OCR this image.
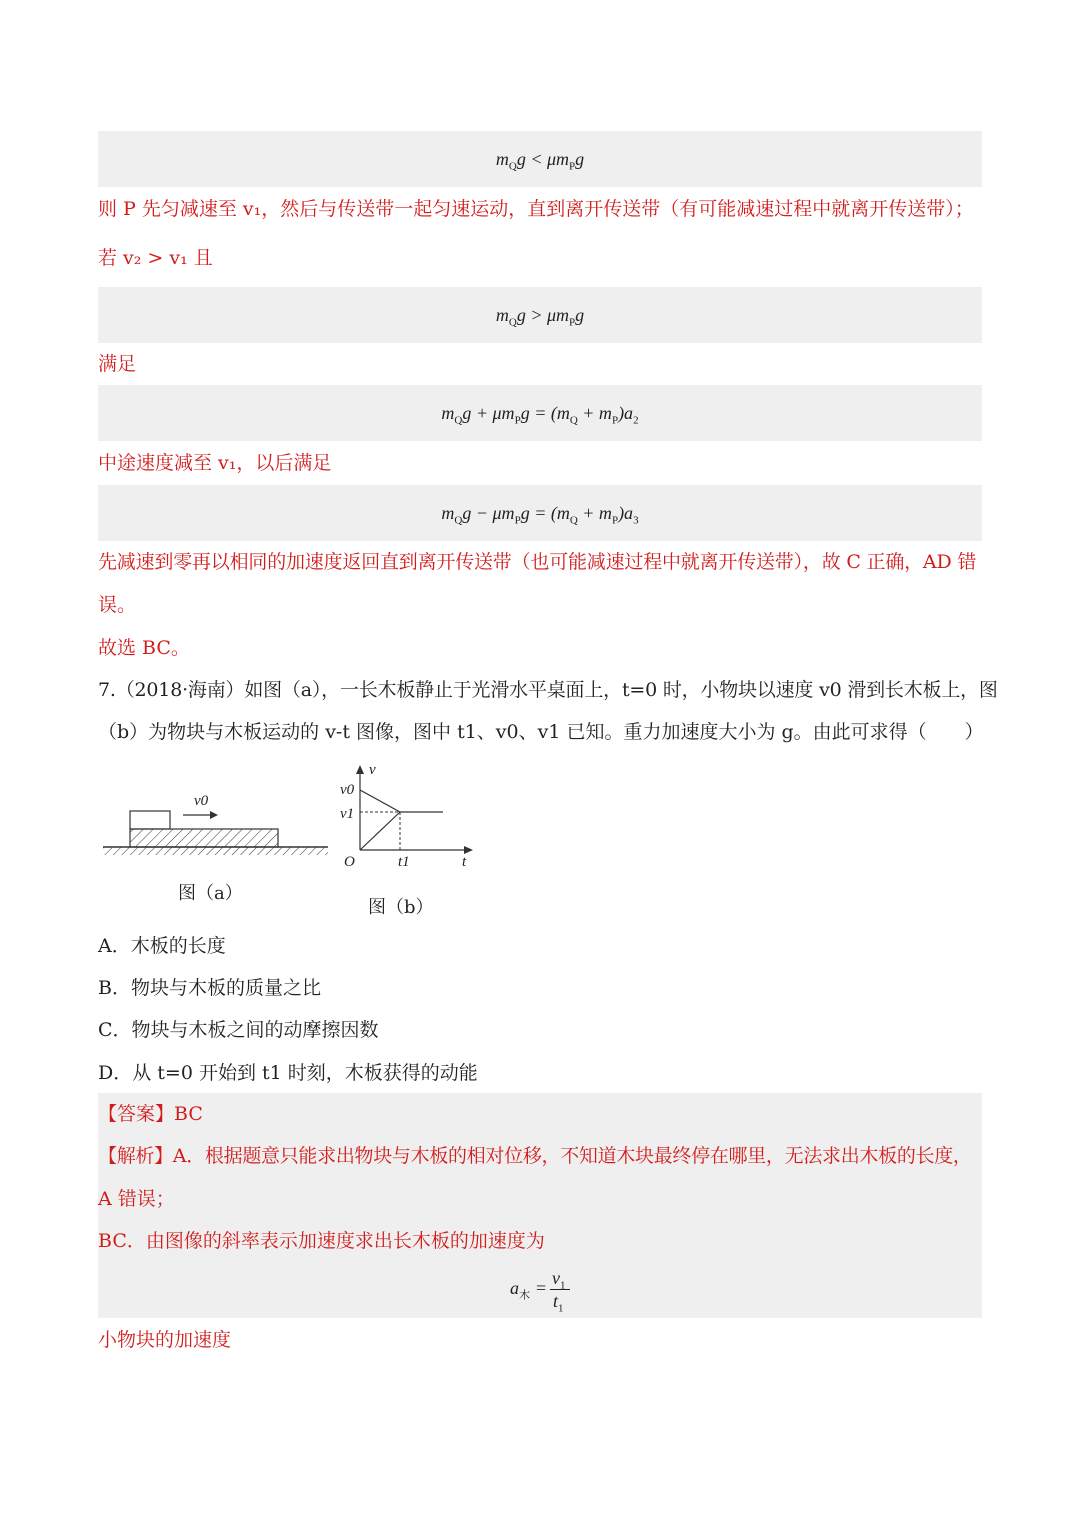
$m_Qg < \mu m_Pg$
则 P 先匀减速至 v₁，然后与传送带一起匀速运动，直到离开传送带（有可能减速过程中就离开传送带）；
若 v₂ > v₁ 且
$m_Qg > \mu m_Pg$
满足
$m_Qg + \mu m_Pg = (m_Q + m_P)a_2$
中途速度减至 v₁，以后满足
$m_Qg - \mu m_Pg = (m_Q + m_P)a_3$
先减速到零再以相同的加速度返回直到离开传送带（也可能减速过程中就离开传送带），故 C 正确，AD 错
误。
故选 BC。
7.（2018·海南）如图（a），一长木板静止于光滑水平桌面上，t=0 时，小物块以速度 v0 滑到长木板上，图
（b）为物块与木板运动的 v-t 图像，图中 t1、v0、v1 已知。重力加速度大小为 g。由此可求得（　　）
v0
图（a）
v
v0
v1
O	t1	t
图（b）
A．木板的长度
B．物块与木板的质量之比
C．物块与木板之间的动摩擦因数
D．从 t=0 开始到 t1 时刻，木板获得的动能
【答案】BC
【解析】A．根据题意只能求出物块与木板的相对位移，不知道木块最终停在哪里，无法求出木板的长度，
A 错误；
BC．由图像的斜率表示加速度求出长木板的加速度为
$a_木 = v_1$
$t_1$
小物块的加速度
